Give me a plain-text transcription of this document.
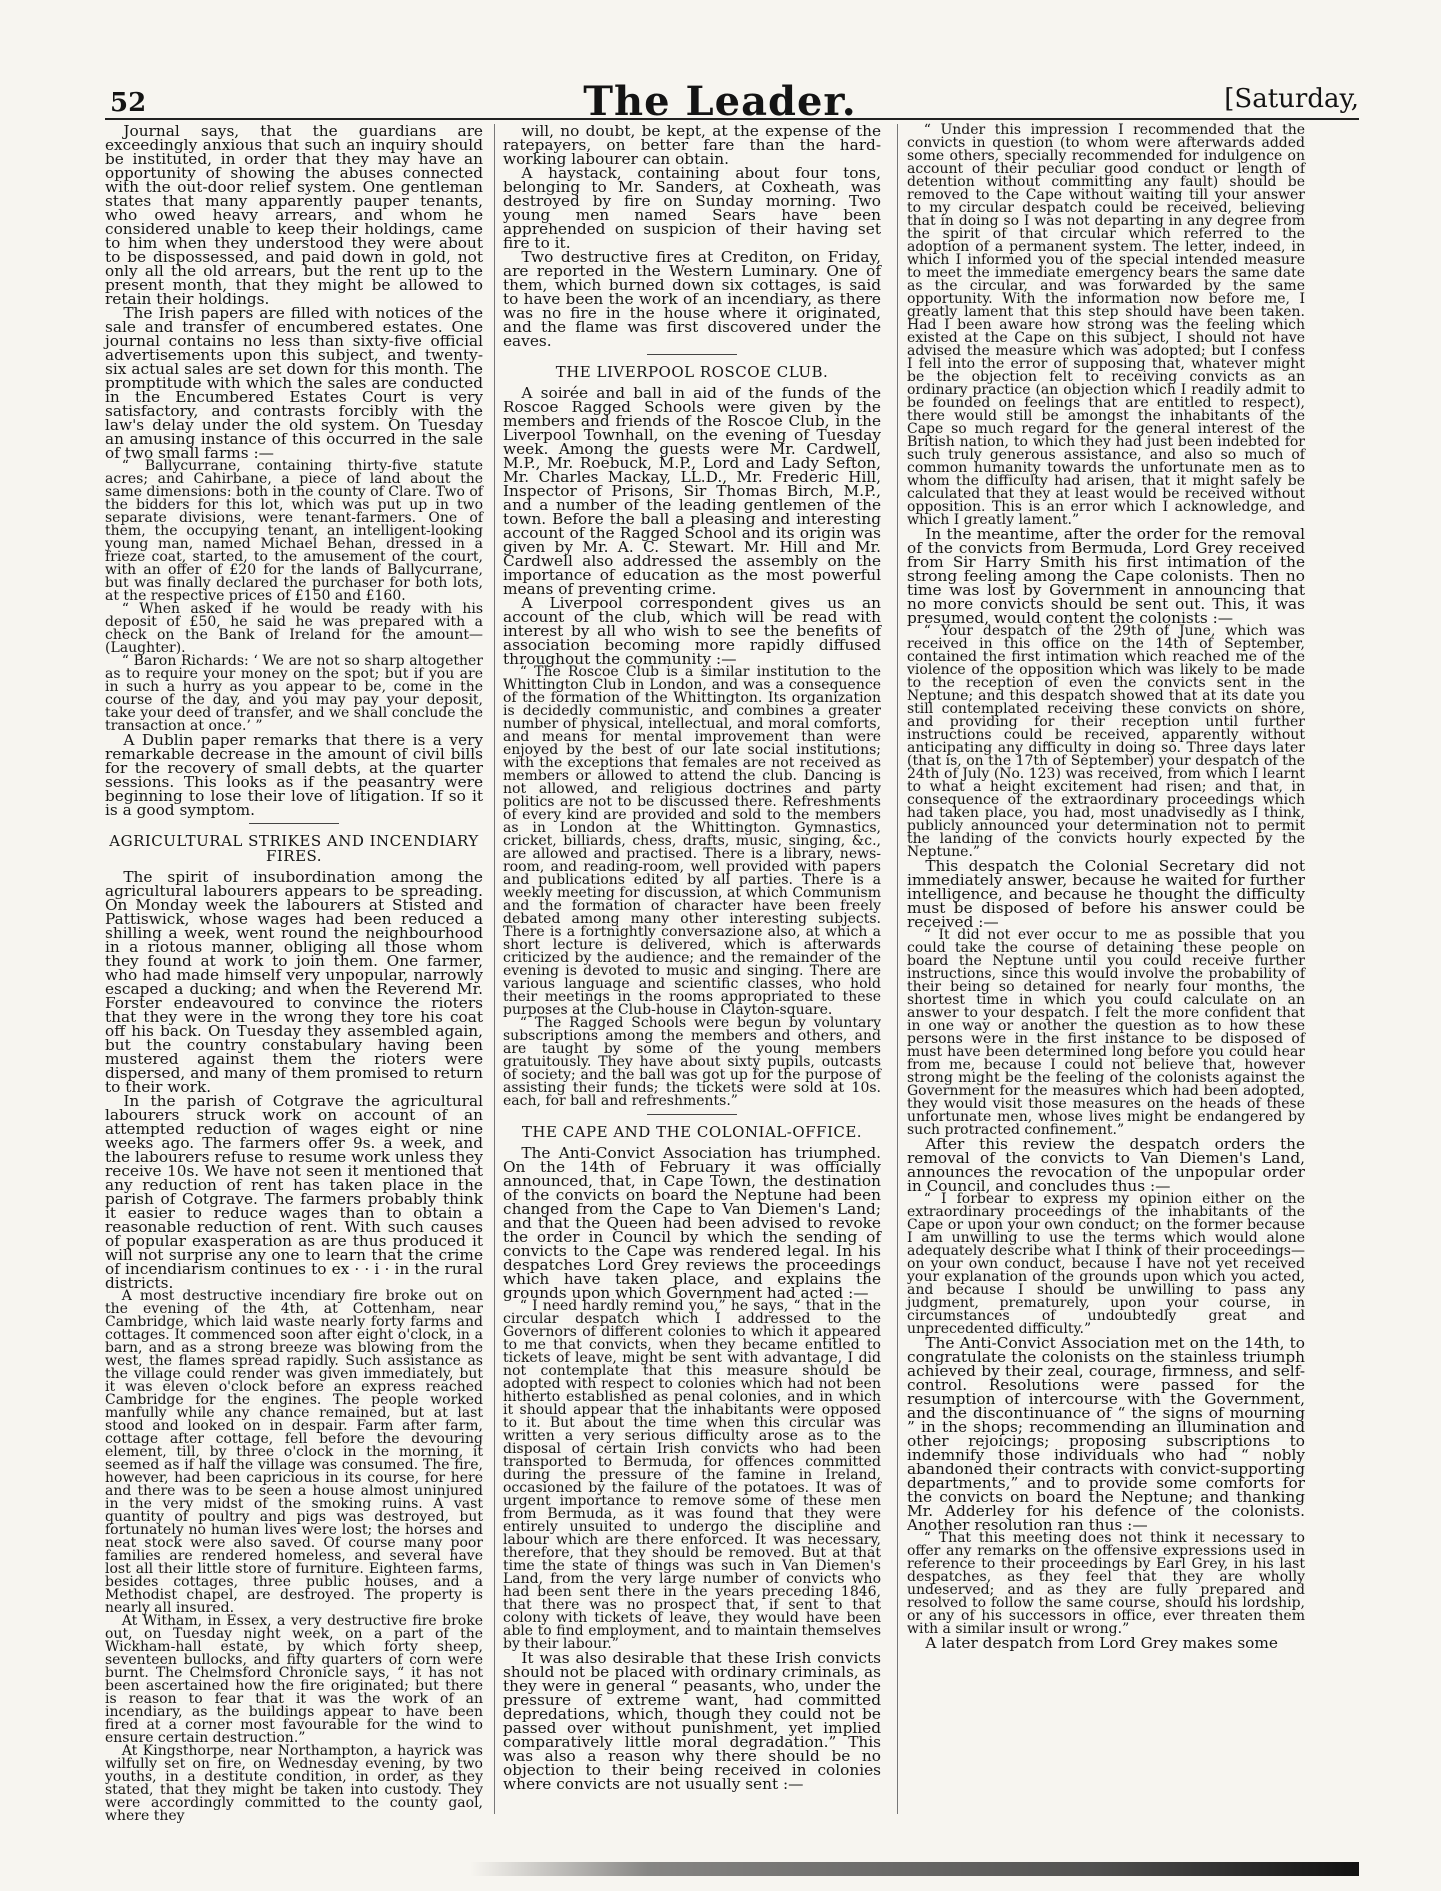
52	The Leader.	[Saturday,

Journal says, that the guardians are exceedingly anxious that such an inquiry should be instituted, in order that they may have an opportunity of showing the abuses connected with the out-door relief system. One gentleman states that many apparently pauper tenants, who owed heavy arrears, and whom he considered unable to keep their holdings, came to him when they understood they were about to be dispossessed, and paid down in gold, not only all the old arrears, but the rent up to the present month, that they might be allowed to retain their holdings.

The Irish papers are filled with notices of the sale and transfer of encumbered estates. One journal contains no less than sixty-five official advertisements upon this subject, and twenty-six actual sales are set down for this month. The promptitude with which the sales are conducted in the Encumbered Estates Court is very satisfactory, and contrasts forcibly with the law's delay under the old system. On Tuesday an amusing instance of this occurred in the sale of two small farms :—

“ Ballycurrane, containing thirty-five statute acres; and Cahirbane, a piece of land about the same dimensions: both in the county of Clare. Two of the bidders for this lot, which was put up in two separate divisions, were tenant-farmers. One of them, the occupying tenant, an intelligent-looking young man, named Michael Behan, dressed in a frieze coat, started, to the amusement of the court, with an offer of £20 for the lands of Ballycurrane, but was finally declared the purchaser for both lots, at the respective prices of £150 and £160.

“ When asked if he would be ready with his deposit of £50, he said he was prepared with a check on the Bank of Ireland for the amount—(Laughter).

“ Baron Richards: ‘ We are not so sharp altogether as to require your money on the spot; but if you are in such a hurry as you appear to be, come in the course of the day, and you may pay your deposit, take your deed of transfer, and we shall conclude the transaction at once.’ ”

A Dublin paper remarks that there is a very remarkable decrease in the amount of civil bills for the recovery of small debts, at the quarter sessions. This looks as if the peasantry were beginning to lose their love of litigation. If so it is a good symptom.

AGRICULTURAL STRIKES AND INCENDIARY FIRES.

The spirit of insubordination among the agricultural labourers appears to be spreading. On Monday week the labourers at Stisted and Pattiswick, whose wages had been reduced a shilling a week, went round the neighbourhood in a riotous manner, obliging all those whom they found at work to join them. One farmer, who had made himself very unpopular, narrowly escaped a ducking; and when the Reverend Mr. Forster endeavoured to convince the rioters that they were in the wrong they tore his coat off his back. On Tuesday they assembled again, but the country constabulary having been mustered against them the rioters were dispersed, and many of them promised to return to their work.

In the parish of Cotgrave the agricultural labourers struck work on account of an attempted reduction of wages eight or nine weeks ago. The farmers offer 9s. a week, and the labourers refuse to resume work unless they receive 10s. We have not seen it mentioned that any reduction of rent has taken place in the parish of Cotgrave. The farmers probably think it easier to reduce wages than to obtain a reasonable reduction of rent. With such causes of popular exasperation as are thus produced it will not surprise any one to learn that the crime of incendiarism continues to ex · · i · in the rural districts.

A most destructive incendiary fire broke out on the evening of the 4th, at Cottenham, near Cambridge, which laid waste nearly forty farms and cottages. It commenced soon after eight o'clock, in a barn, and as a strong breeze was blowing from the west, the flames spread rapidly. Such assistance as the village could render was given immediately, but it was eleven o'clock before an express reached Cambridge for the engines. The people worked manfully while any chance remained, but at last stood and looked on in despair. Farm after farm, cottage after cottage, fell before the devouring element, till, by three o'clock in the morning, it seemed as if half the village was consumed. The fire, however, had been capricious in its course, for here and there was to be seen a house almost uninjured in the very midst of the smoking ruins. A vast quantity of poultry and pigs was destroyed, but fortunately no human lives were lost; the horses and neat stock were also saved. Of course many poor families are rendered homeless, and several have lost all their little store of furniture. Eighteen farms, besides cottages, three public houses, and a Methodist chapel, are destroyed. The property is nearly all insured.

At Witham, in Essex, a very destructive fire broke out, on Tuesday night week, on a part of the Wickham-hall estate, by which forty sheep, seventeen bullocks, and fifty quarters of corn were burnt. The Chelmsford Chronicle says, “ it has not been ascertained how the fire originated; but there is reason to fear that it was the work of an incendiary, as the buildings appear to have been fired at a corner most favourable for the wind to ensure certain destruction.”

At Kingsthorpe, near Northampton, a hayrick was wilfully set on fire, on Wednesday evening, by two youths, in a destitute condition, in order, as they stated, that they might be taken into custody. They were accordingly committed to the county gaol, where they

will, no doubt, be kept, at the expense of the ratepayers, on better fare than the hard-working labourer can obtain.

A haystack, containing about four tons, belonging to Mr. Sanders, at Coxheath, was destroyed by fire on Sunday morning. Two young men named Sears have been apprehended on suspicion of their having set fire to it.

Two destructive fires at Crediton, on Friday, are reported in the Western Luminary. One of them, which burned down six cottages, is said to have been the work of an incendiary, as there was no fire in the house where it originated, and the flame was first discovered under the eaves.

THE LIVERPOOL ROSCOE CLUB.

A soirée and ball in aid of the funds of the Roscoe Ragged Schools were given by the members and friends of the Roscoe Club, in the Liverpool Townhall, on the evening of Tuesday week. Among the guests were Mr. Cardwell, M.P., Mr. Roebuck, M.P., Lord and Lady Sefton, Mr. Charles Mackay, LL.D., Mr. Frederic Hill, Inspector of Prisons, Sir Thomas Birch, M.P., and a number of the leading gentlemen of the town. Before the ball a pleasing and interesting account of the Ragged School and its origin was given by Mr. A. C. Stewart. Mr. Hill and Mr. Cardwell also addressed the assembly on the importance of education as the most powerful means of preventing crime.

A Liverpool correspondent gives us an account of the club, which will be read with interest by all who wish to see the benefits of association becoming more rapidly diffused throughout the community :—

“ The Roscoe Club is a similar institution to the Whittington Club in London, and was a consequence of the formation of the Whittington. Its organization is decidedly communistic, and combines a greater number of physical, intellectual, and moral comforts, and means for mental improvement than were enjoyed by the best of our late social institutions; with the exceptions that females are not received as members or allowed to attend the club. Dancing is not allowed, and religious doctrines and party politics are not to be discussed there. Refreshments of every kind are provided and sold to the members as in London at the Whittington. Gymnastics, cricket, billiards, chess, drafts, music, singing, &c., are allowed and practised. There is a library, news-room, and reading-room, well provided with papers and publications edited by all parties. There is a weekly meeting for discussion, at which Communism and the formation of character have been freely debated among many other interesting subjects. There is a fortnightly conversazione also, at which a short lecture is delivered, which is afterwards criticized by the audience; and the remainder of the evening is devoted to music and singing. There are various language and scientific classes, who hold their meetings in the rooms appropriated to these purposes at the Club-house in Clayton-square.

“ The Ragged Schools were begun by voluntary subscriptions among the members and others, and are taught by some of the young members gratuitously. They have about sixty pupils, outcasts of society; and the ball was got up for the purpose of assisting their funds; the tickets were sold at 10s. each, for ball and refreshments.”

THE CAPE AND THE COLONIAL-OFFICE.

The Anti-Convict Association has triumphed. On the 14th of February it was officially announced, that, in Cape Town, the destination of the convicts on board the Neptune had been changed from the Cape to Van Diemen's Land; and that the Queen had been advised to revoke the order in Council by which the sending of convicts to the Cape was rendered legal. In his despatches Lord Grey reviews the proceedings which have taken place, and explains the grounds upon which Government had acted :—

“ I need hardly remind you,” he says, “ that in the circular despatch which I addressed to the Governors of different colonies to which it appeared to me that convicts, when they became entitled to tickets of leave, might be sent with advantage, I did not contemplate that this measure should be adopted with respect to colonies which had not been hitherto established as penal colonies, and in which it should appear that the inhabitants were opposed to it. But about the time when this circular was written a very serious difficulty arose as to the disposal of certain Irish convicts who had been transported to Bermuda, for offences committed during the pressure of the famine in Ireland, occasioned by the failure of the potatoes. It was of urgent importance to remove some of these men from Bermuda, as it was found that they were entirely unsuited to undergo the discipline and labour which are there enforced. It was necessary, therefore, that they should be removed. But at that time the state of things was such in Van Diemen's Land, from the very large number of convicts who had been sent there in the years preceding 1846, that there was no prospect that, if sent to that colony with tickets of leave, they would have been able to find employment, and to maintain themselves by their labour.”

It was also desirable that these Irish convicts should not be placed with ordinary criminals, as they were in general “ peasants, who, under the pressure of extreme want, had committed depredations, which, though they could not be passed over without punishment, yet implied comparatively little moral degradation.” This was also a reason why there should be no objection to their being received in colonies where convicts are not usually sent :—

“ Under this impression I recommended that the convicts in question (to whom were afterwards added some others, specially recommended for indulgence on account of their peculiar good conduct or length of detention without committing any fault) should be removed to the Cape without waiting till your answer to my circular despatch could be received, believing that in doing so I was not departing in any degree from the spirit of that circular which referred to the adoption of a permanent system. The letter, indeed, in which I informed you of the special intended measure to meet the immediate emergency bears the same date as the circular, and was forwarded by the same opportunity. With the information now before me, I greatly lament that this step should have been taken. Had I been aware how strong was the feeling which existed at the Cape on this subject, I should not have advised the measure which was adopted; but I confess I fell into the error of supposing that, whatever might be the objection felt to receiving convicts as an ordinary practice (an objection which I readily admit to be founded on feelings that are entitled to respect), there would still be amongst the inhabitants of the Cape so much regard for the general interest of the British nation, to which they had just been indebted for such truly generous assistance, and also so much of common humanity towards the unfortunate men as to whom the difficulty had arisen, that it might safely be calculated that they at least would be received without opposition. This is an error which I acknowledge, and which I greatly lament.”

In the meantime, after the order for the removal of the convicts from Bermuda, Lord Grey received from Sir Harry Smith his first intimation of the strong feeling among the Cape colonists. Then no time was lost by Government in announcing that no more convicts should be sent out. This, it was presumed, would content the colonists :—

“ Your despatch of the 29th of June, which was received in this office on the 14th of September, contained the first intimation which reached me of the violence of the opposition which was likely to be made to the reception of even the convicts sent in the Neptune; and this despatch showed that at its date you still contemplated receiving these convicts on shore, and providing for their reception until further instructions could be received, apparently without anticipating any difficulty in doing so. Three days later (that is, on the 17th of September) your despatch of the 24th of July (No. 123) was received, from which I learnt to what a height excitement had risen; and that, in consequence of the extraordinary proceedings which had taken place, you had, most unadvisedly as I think, publicly announced your determination not to permit the landing of the convicts hourly expected by the Neptune.”

This despatch the Colonial Secretary did not immediately answer, because he waited for further intelligence, and because he thought the difficulty must be disposed of before his answer could be received :—

“ It did not ever occur to me as possible that you could take the course of detaining these people on board the Neptune until you could receive further instructions, since this would involve the probability of their being so detained for nearly four months, the shortest time in which you could calculate on an answer to your despatch. I felt the more confident that in one way or another the question as to how these persons were in the first instance to be disposed of must have been determined long before you could hear from me, because I could not believe that, however strong might be the feeling of the colonists against the Government for the measures which had been adopted, they would visit those measures on the heads of these unfortunate men, whose lives might be endangered by such protracted confinement.”

After this review the despatch orders the removal of the convicts to Van Diemen's Land, announces the revocation of the unpopular order in Council, and concludes thus :—

“ I forbear to express my opinion either on the extraordinary proceedings of the inhabitants of the Cape or upon your own conduct; on the former because I am unwilling to use the terms which would alone adequately describe what I think of their proceedings—on your own conduct, because I have not yet received your explanation of the grounds upon which you acted, and because I should be unwilling to pass any judgment, prematurely, upon your course, in circumstances of undoubtedly great and unprecedented difficulty.”

The Anti-Convict Association met on the 14th, to congratulate the colonists on the stainless triumph achieved by their zeal, courage, firmness, and self-control. Resolutions were passed for the resumption of intercourse with the Government, and the discontinuance of “ the signs of mourning ” in the shops; recommending an illumination and other rejoicings; proposing subscriptions to indemnify those individuals who had “ nobly abandoned their contracts with convict-supporting departments,” and to provide some comforts for the convicts on board the Neptune; and thanking Mr. Adderley for his defence of the colonists. Another resolution ran thus :—

“ That this meeting does not think it necessary to offer any remarks on the offensive expressions used in reference to their proceedings by Earl Grey, in his last despatches, as they feel that they are wholly undeserved; and as they are fully prepared and resolved to follow the same course, should his lordship, or any of his successors in office, ever threaten them with a similar insult or wrong.”

A later despatch from Lord Grey makes some
